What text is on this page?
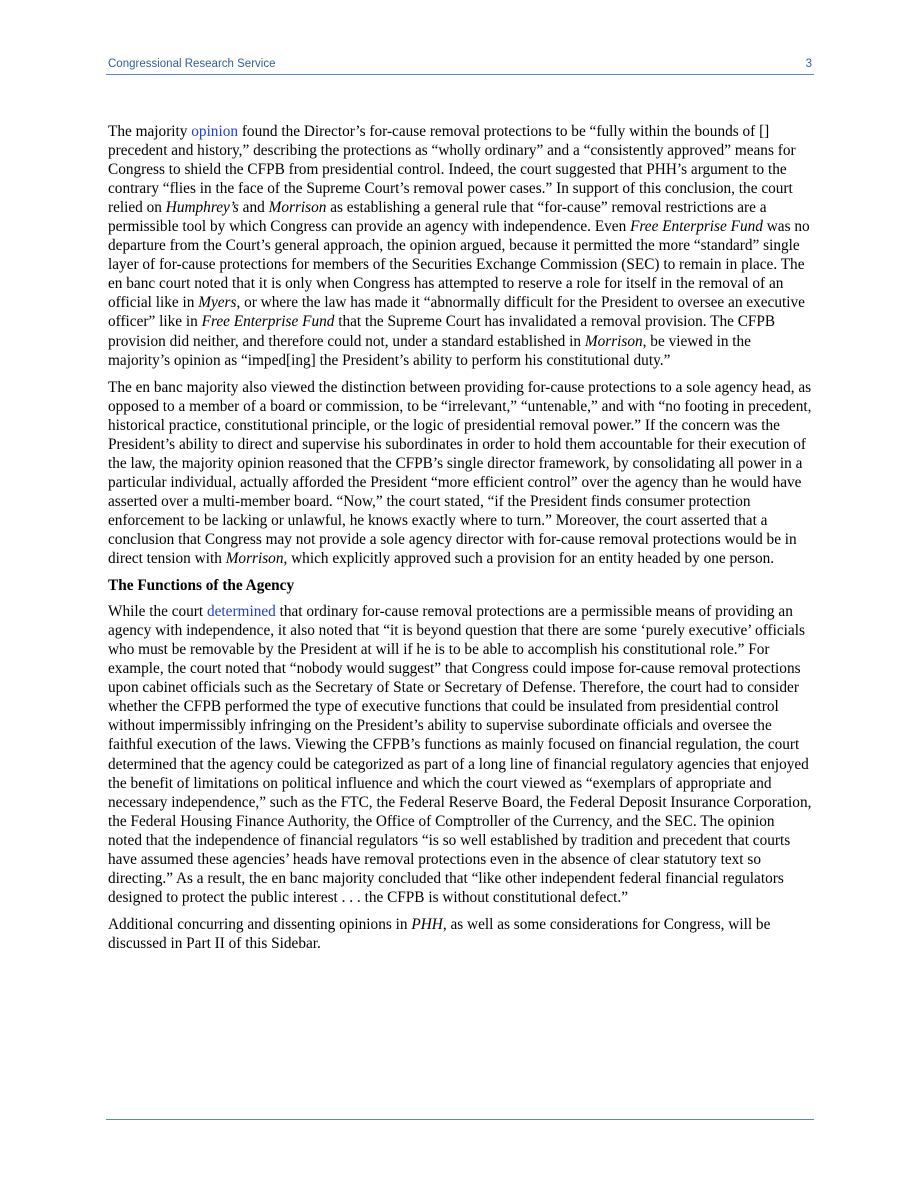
Congressional Research Service	3

The majority opinion found the Director’s for-cause removal protections to be “fully within the bounds of [] precedent and history,” describing the protections as “wholly ordinary” and a “consistently approved” means for Congress to shield the CFPB from presidential control. Indeed, the court suggested that PHH’s argument to the contrary “flies in the face of the Supreme Court’s removal power cases.” In support of this conclusion, the court relied on Humphrey’s and Morrison as establishing a general rule that “for-cause” removal restrictions are a permissible tool by which Congress can provide an agency with independence. Even Free Enterprise Fund was no departure from the Court’s general approach, the opinion argued, because it permitted the more “standard” single layer of for-cause protections for members of the Securities Exchange Commission (SEC) to remain in place. The en banc court noted that it is only when Congress has attempted to reserve a role for itself in the removal of an official like in Myers, or where the law has made it “abnormally difficult for the President to oversee an executive officer” like in Free Enterprise Fund that the Supreme Court has invalidated a removal provision. The CFPB provision did neither, and therefore could not, under a standard established in Morrison, be viewed in the majority’s opinion as “imped[ing] the President’s ability to perform his constitutional duty.”

The en banc majority also viewed the distinction between providing for-cause protections to a sole agency head, as opposed to a member of a board or commission, to be “irrelevant,” “untenable,” and with “no footing in precedent, historical practice, constitutional principle, or the logic of presidential removal power.” If the concern was the President’s ability to direct and supervise his subordinates in order to hold them accountable for their execution of the law, the majority opinion reasoned that the CFPB’s single director framework, by consolidating all power in a particular individual, actually afforded the President “more efficient control” over the agency than he would have asserted over a multi-member board. “Now,” the court stated, “if the President finds consumer protection enforcement to be lacking or unlawful, he knows exactly where to turn.” Moreover, the court asserted that a conclusion that Congress may not provide a sole agency director with for-cause removal protections would be in direct tension with Morrison, which explicitly approved such a provision for an entity headed by one person.

The Functions of the Agency

While the court determined that ordinary for-cause removal protections are a permissible means of providing an agency with independence, it also noted that “it is beyond question that there are some ‘purely executive’ officials who must be removable by the President at will if he is to be able to accomplish his constitutional role.” For example, the court noted that “nobody would suggest” that Congress could impose for-cause removal protections upon cabinet officials such as the Secretary of State or Secretary of Defense. Therefore, the court had to consider whether the CFPB performed the type of executive functions that could be insulated from presidential control without impermissibly infringing on the President’s ability to supervise subordinate officials and oversee the faithful execution of the laws. Viewing the CFPB’s functions as mainly focused on financial regulation, the court determined that the agency could be categorized as part of a long line of financial regulatory agencies that enjoyed the benefit of limitations on political influence and which the court viewed as “exemplars of appropriate and necessary independence,” such as the FTC, the Federal Reserve Board, the Federal Deposit Insurance Corporation, the Federal Housing Finance Authority, the Office of Comptroller of the Currency, and the SEC. The opinion noted that the independence of financial regulators “is so well established by tradition and precedent that courts have assumed these agencies’ heads have removal protections even in the absence of clear statutory text so directing.” As a result, the en banc majority concluded that “like other independent federal financial regulators designed to protect the public interest . . . the CFPB is without constitutional defect.”

Additional concurring and dissenting opinions in PHH, as well as some considerations for Congress, will be discussed in Part II of this Sidebar.
